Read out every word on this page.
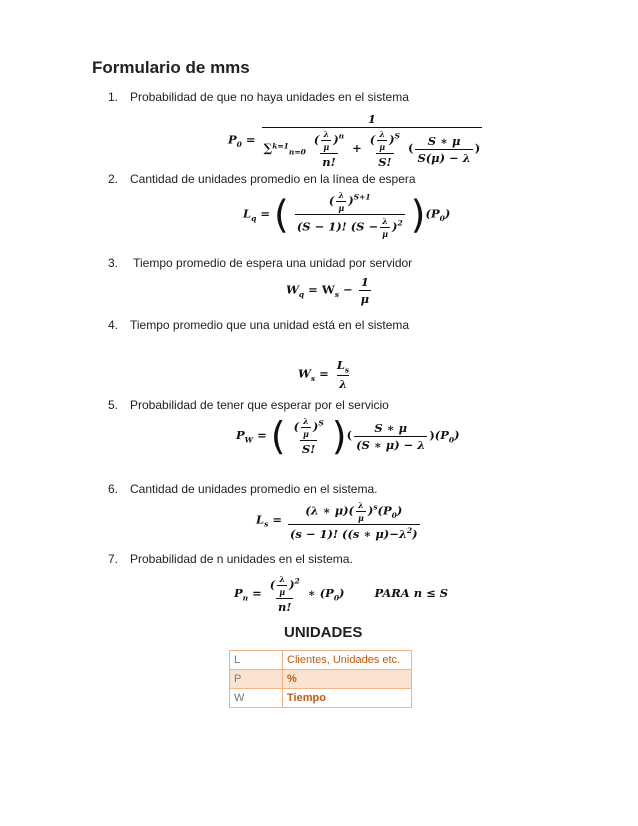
Formulario de mms
1. Probabilidad de que no haya unidades en el sistema
$P_0$ =
1
$\sum^{k=1}_{n=0} \frac{( \frac{\lambda}{\mu} )^n}{n!} + \frac{( \frac{\lambda}{\mu} )^S}{S!}$ ( $\frac{S ∗ \mu}{S(\mu) - \lambda}$ )
2. Cantidad de unidades promedio en la línea de espera
$L_q$ = ( $\frac{( \frac{\lambda}{\mu} )^{S+1}}{(S - 1)! (S - \frac{\lambda}{\mu} )^2} )(P_0)$
3. Tiempo promedio de espera una unidad por servidor
$W_q = W_s - \frac{1}{\mu}$
4. Tiempo promedio que una unidad está en el sistema
$W_s = \frac{L_s}{\lambda}$
5. Probabilidad de tener que esperar por el servicio
$P_W$ = ( $\frac{( \frac{\lambda}{\mu} )^S}{S!}$ )( $\frac{S ∗ \mu}{(S ∗ \mu) - \lambda} )(P_0)$
6. Cantidad de unidades promedio en el sistema.
$L_s = \frac{(\lambda ∗ \mu)( \frac{\lambda}{\mu} )^s(P_0)}{(s - 1)! ((s ∗ \mu)-\lambda^2)}$
7. Probabilidad de n unidades en el sistema.
$P_n = \frac{( \frac{\lambda}{\mu} )^2}{n!}$ ∗ $(P_0)$	PARA n ≤ S
UNIDADES
L	Clientes, Unidades etc.
P	%
W	Tiempo
